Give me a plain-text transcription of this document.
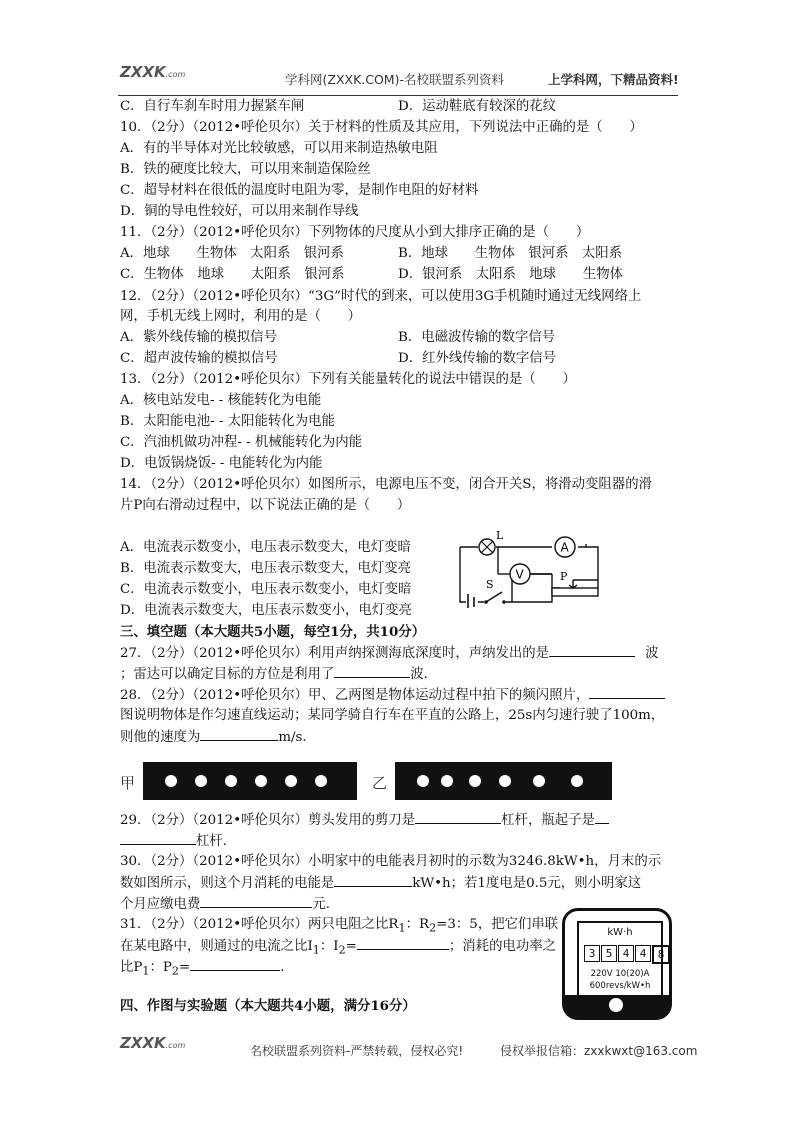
ZXXK.com	学科网(ZXXK.COM)-名校联盟系列资料	上学科网，下精品资料!
C．自行车刹车时用力握紧车闸	D．运动鞋底有较深的花纹
10．（2分）（2012•呼伦贝尔）关于材料的性质及其应用，下列说法中正确的是（　　）
A．有的半导体对光比较敏感，可以用来制造热敏电阻
B．铁的硬度比较大，可以用来制造保险丝
C．超导材料在很低的温度时电阻为零，是制作电阻的好材料
D．铜的导电性较好，可以用来制作导线
11．（2分）（2012•呼伦贝尔）下列物体的尺度从小到大排序正确的是（　　）
A．地球　　生物体　太阳系　银河系	B．地球　　生物体　银河系　太阳系
C．生物体　地球　　太阳系　银河系	D．银河系　太阳系　地球　　生物体
12．（2分）（2012•呼伦贝尔）“3G”时代的到来，可以使用3G手机随时通过无线网络上
网，手机无线上网时，利用的是（　　）
A．紫外线传输的模拟信号	B．电磁波传输的数字信号
C．超声波传输的模拟信号	D．红外线传输的数字信号
13．（2分）（2012•呼伦贝尔）下列有关能量转化的说法中错误的是（　　）
A．核电站发电- - 核能转化为电能
B．太阳能电池- - 太阳能转化为电能
C．汽油机做功冲程- - 机械能转化为内能
D．电饭锅烧饭- - 电能转化为内能
14．（2分）（2012•呼伦贝尔）如图所示，电源电压不变，闭合开关S，将滑动变阻器的滑
片P向右滑动过程中，以下说法正确的是（　　）
A．电流表示数变小，电压表示数变大，电灯变暗
B．电流表示数变大，电压表示数变大，电灯变亮
C．电流表示数变小，电压表示数变小，电灯变暗
D．电流表示数变大，电压表示数变小，电灯变亮
L
A
V
S
P
三、填空题（本大题共5小题，每空1分，共10分）
27．（2分）（2012•呼伦贝尔）利用声纳探测海底深度时，声纳发出的是	波
；雷达可以确定目标的方位是利用了	波．
28．（2分）（2012•呼伦贝尔）甲、乙两图是物体运动过程中拍下的频闪照片，
图说明物体是作匀速直线运动；某同学骑自行车在平直的公路上，25s内匀速行驶了100m，
则他的速度为	m/s．
甲	乙
29．（2分）（2012•呼伦贝尔）剪头发用的剪刀是	杠杆，瓶起子是
杠杆．
30．（2分）（2012•呼伦贝尔）小明家中的电能表月初时的示数为3246.8kW•h，月末的示
数如图所示，则这个月消耗的电能是	kW•h；若1度电是0.5元，则小明家这
个月应缴电费	元．
31．（2分）（2012•呼伦贝尔）两只电阻之比$R_1$：$R_2=3$：5，把它们串联
在某电路中，则通过的电流之比$I_1$：$I_2=$	；消耗的电功率之
比$P_1$：$P_2=$	．
kW·h
3 5 4 4	8
220V 10(20)A
600revs/kW•h
四、作图与实验题（本大题共4小题，满分16分）
ZXXK.com	名校联盟系列资料-严禁转载，侵权必究!	侵权举报信箱：zxxkwxt@163.com
